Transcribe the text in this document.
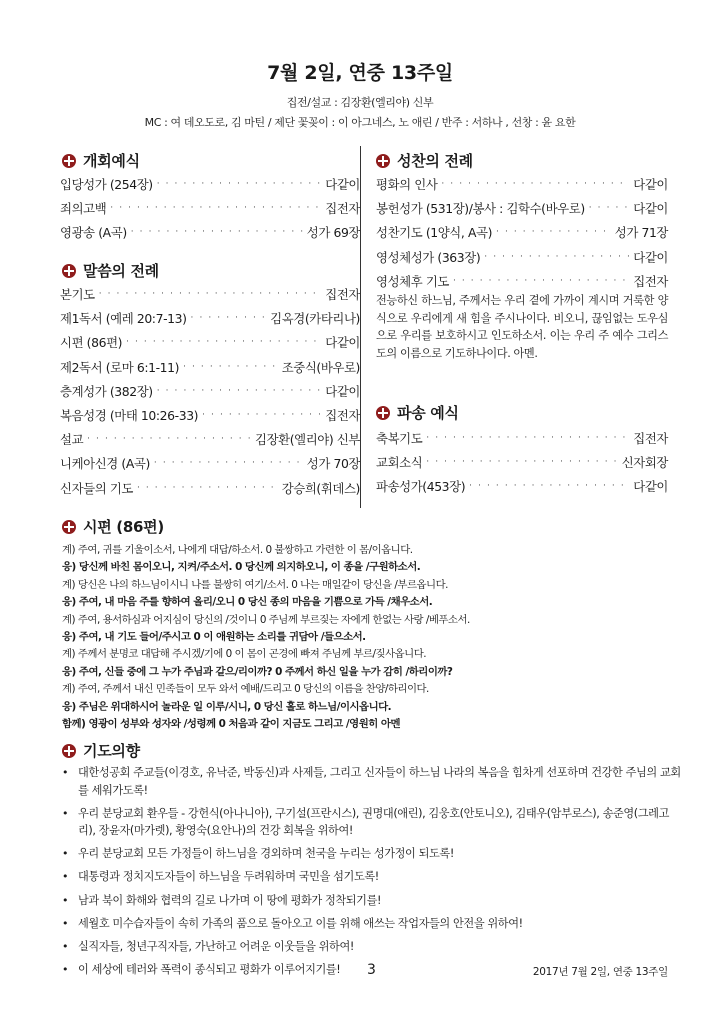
7월 2일, 연중 13주일
집전/설교 : 김장환(엘리야) 신부
MC : 여 데오도로, 김 마틴 / 제단 꽃꽂이 : 이 아그네스, 노 애린 / 반주 : 서하나 , 선창 : 윤 요한
개회예식
입당성가 (254장) · · ·	다같이
죄의고백 · · ·	집전자
영광송 (A곡) · · ·	성가 69장
말씀의 전례
본기도 · · ·	집전자
제1독서 (예레 20:7-13) · · ·	김옥경(카타리나)
시편 (86편) · · ·	다같이
제2독서 (로마 6:1-11) · · ·	조중식(바우로)
층계성가 (382장) · · ·	다같이
복음성경 (마태 10:26-33) · · ·	집전자
설교 · · ·	김장환(엘리야) 신부
니케아신경 (A곡) · · ·	성가 70장
신자들의 기도 · · ·	강승희(휘데스)
성찬의 전례
평화의 인사 · · ·	다같이
봉헌성가 (531장)/봉사 : 김학수(바우로) · · ·	다같이
성찬기도 (1양식, A곡) · · ·	성가 71장
영성체성가 (363장) · · ·	다같이
영성체후 기도 · · ·	집전자

전능하신 하느님, 주께서는 우리 곁에 가까이 계시며 거룩한 양식으로 우리에게 새 힘을 주시나이다. 비오니, 끊임없는 도우심으로 우리를 보호하시고 인도하소서. 이는 우리 주 예수 그리스도의 이름으로 기도하나이다. 아멘.

파송 예식
축복기도 · · ·	집전자
교회소식 · · ·	신자회장
파송성가(453장) · · ·	다같이
시편 (86편)
계) 주여, 귀를 기울이소서, 나에게 대답/하소서. 0 불쌍하고 가련한 이 몸/이옵니다.
응) 당신께 바친 몸이오니, 지켜/주소서. 0 당신께 의지하오니, 이 종을 /구원하소서.
계) 당신은 나의 하느님이시니 나를 불쌍히 여기/소서. 0 나는 매일같이 당신을 /부르옵니다.
응) 주여, 내 마음 주를 향하여 올리/오니 0 당신 종의 마음을 기쁨으로 가득 /채우소서.
계) 주여, 용서하심과 어지심이 당신의 /것이니 0 주님께 부르짖는 자에게 한없는 사랑 /베푸소서.
응) 주여, 내 기도 들어/주시고 0 이 애원하는 소리를 귀담아 /들으소서.
계) 주께서 분명코 대답해 주시겠/기에 0 이 몸이 곤경에 빠져 주님께 부르/짖사옵니다.
응) 주여, 신들 중에 그 누가 주님과 같으/리이까? 0 주께서 하신 일을 누가 감히 /하리이까?
계) 주여, 주께서 내신 민족들이 모두 와서 예배/드리고 0 당신의 이름을 찬양/하리이다.
응) 주님은 위대하시어 놀라운 일 이루/시니, 0 당신 홀로 하느님/이시옵니다.
함께) 영광이 성부와 성자와 /성령께 0 처음과 같이 지금도 그리고 /영원히 아멘
기도의향
• 대한성공회 주교들(이경호, 유낙준, 박동신)과 사제들, 그리고 신자들이 하느님 나라의 복음을 힘차게 선포하며 건강한 주님의 교회를 세워가도록!
• 우리 분당교회 환우들 - 강헌식(아나니아), 구기설(프란시스), 권명대(애린), 김웅호(안토니오), 김태우(암부로스), 송준영(그레고리), 장윤자(마가렛), 황영숙(요안나)의 건강 회복을 위하여!
• 우리 분당교회 모든 가정들이 하느님을 경외하며 천국을 누리는 성가정이 되도록!
• 대통령과 정치지도자들이 하느님을 두려워하며 국민을 섬기도록!
• 남과 북이 화해와 협력의 길로 나가며 이 땅에 평화가 정착되기를!
• 세월호 미수습자들이 속히 가족의 품으로 돌아오고 이를 위해 애쓰는 작업자들의 안전을 위하여!
• 실직자들, 청년구직자들, 가난하고 어려운 이웃들을 위하여!
• 이 세상에 테러와 폭력이 종식되고 평화가 이루어지기를!	3	2017년 7월 2일, 연중 13주일
